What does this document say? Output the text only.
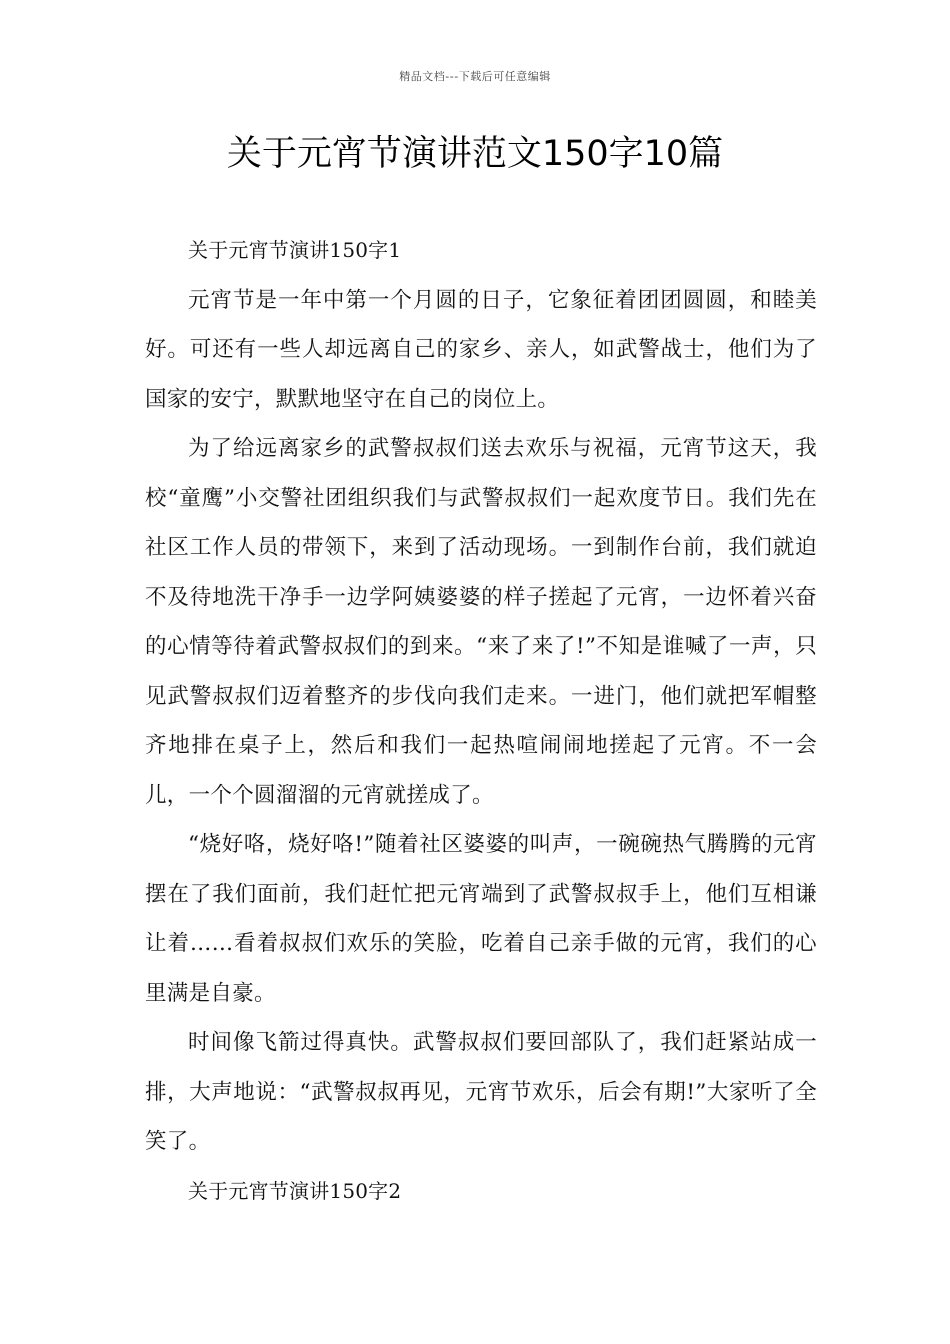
精品文档---下载后可任意编辑
关于元宵节演讲范文150字10篇

关于元宵节演讲150字1

元宵节是一年中第一个月圆的日子，它象征着团团圆圆，和睦美好。可还有一些人却远离自己的家乡、亲人，如武警战士，他们为了国家的安宁，默默地坚守在自己的岗位上。

为了给远离家乡的武警叔叔们送去欢乐与祝福，元宵节这天，我校“童鹰”小交警社团组织我们与武警叔叔们一起欢度节日。我们先在社区工作人员的带领下，来到了活动现场。一到制作台前，我们就迫不及待地洗干净手一边学阿姨婆婆的样子搓起了元宵，一边怀着兴奋的心情等待着武警叔叔们的到来。“来了来了!”不知是谁喊了一声，只见武警叔叔们迈着整齐的步伐向我们走来。一进门，他们就把军帽整齐地排在桌子上，然后和我们一起热喧闹闹地搓起了元宵。不一会儿，一个个圆溜溜的元宵就搓成了。

“烧好咯，烧好咯!”随着社区婆婆的叫声，一碗碗热气腾腾的元宵摆在了我们面前，我们赶忙把元宵端到了武警叔叔手上，他们互相谦让着……看着叔叔们欢乐的笑脸，吃着自己亲手做的元宵，我们的心里满是自豪。

时间像飞箭过得真快。武警叔叔们要回部队了，我们赶紧站成一排，大声地说：“武警叔叔再见，元宵节欢乐，后会有期!”大家听了全笑了。

关于元宵节演讲150字2
